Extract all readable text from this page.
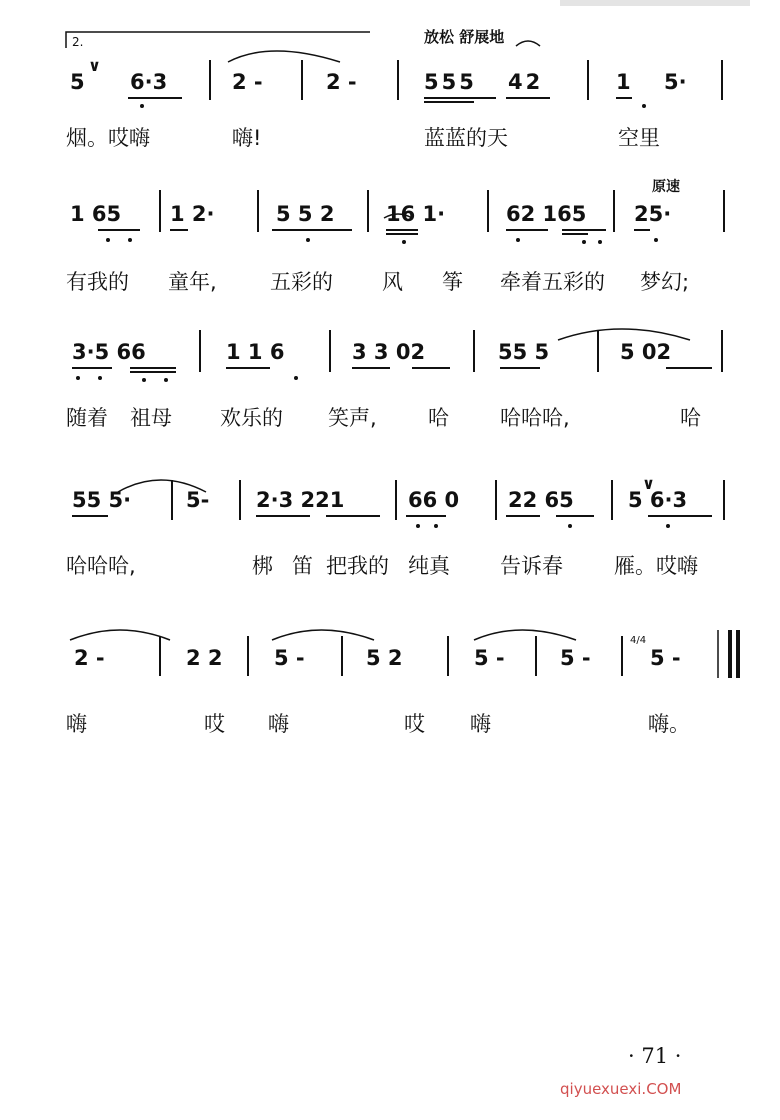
2.	放松 舒展地
原速
4/4
5
∨
6·3	2 -	2 -	555 42	1 5·
烟。哎嗨	嗨!	蓝蓝的天	空里
1 65 1 2·	5 5 2 16 1·	62 165 25·
有我的 童年,	五彩的 风 筝 牵着五彩的 梦幻;
3·5 66	1 1 6	3 3 02	55 5	5 02
随着 祖母 欢乐的 笑声, 哈 哈哈哈,	哈
55 5·	5- 2·3 221	66 0 22 65	5 6·3
∨
哈哈哈,	梆 笛 把我的 纯真 告诉春 雁。哎嗨
2 -	2 2 5 -	5 2	5 -	5 -	5 -
嗨	哎 嗨	哎 嗨	嗨。
· 71 ·
qiyuexuexi.COM
